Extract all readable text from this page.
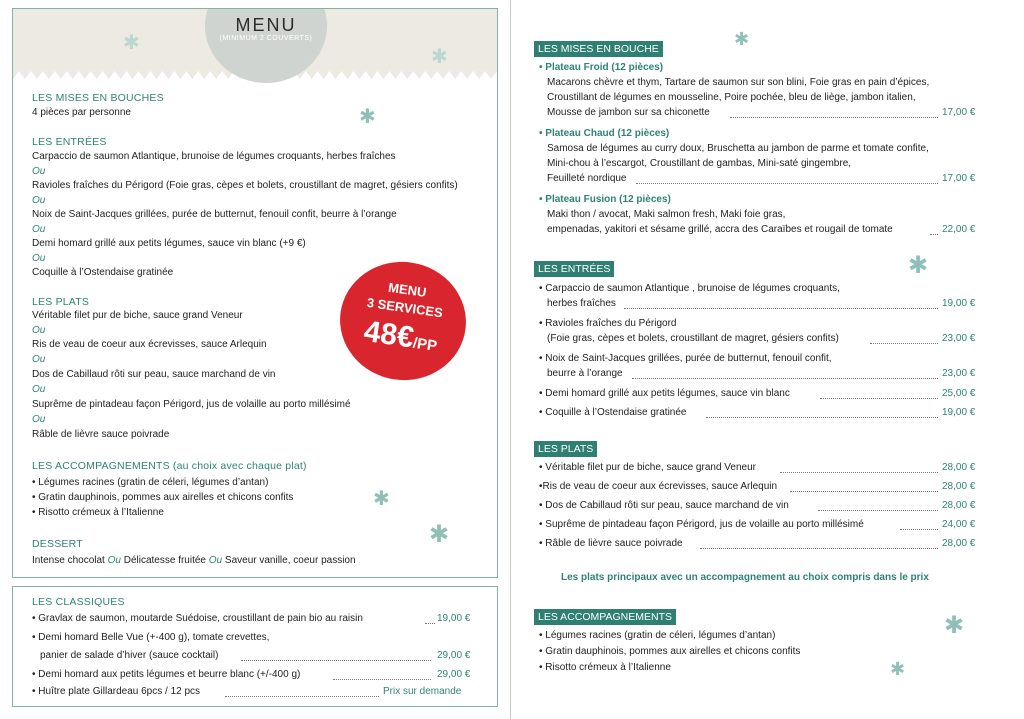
MENU
(MINIMUM 2 COUVERTS)
✱
✱
✱
✱
✱
LES MISES EN BOUCHES
4 pièces par personne
LES ENTRÉES
Carpaccio de saumon Atlantique, brunoise de légumes croquants, herbes fraîches
Ou
Ravioles fraîches du Périgord (Foie gras, cèpes et bolets, croustillant de magret, gésiers confits)
Ou
Noix de Saint-Jacques grillées, purée de butternut, fenouil confit, beurre à l’orange
Ou
Demi homard grillé aux petits légumes, sauce vin blanc (+9 €)
Ou
Coquille à l’Ostendaise gratinée
LES PLATS
Véritable filet pur de biche, sauce grand Veneur
Ou
Ris de veau de coeur aux écrevisses, sauce Arlequin
Ou
Dos de Cabillaud rôti sur peau, sauce marchand de vin
Ou
Suprême de pintadeau façon Périgord, jus de volaille au porto millésimé
Ou
Râble de lièvre sauce poivrade
LES ACCOMPAGNEMENTS (au choix avec chaque plat)
• Légumes racines (gratin de céleri, légumes d’antan)
• Gratin dauphinois, pommes aux airelles et chicons confits
• Risotto crémeux à l’Italienne
DESSERT
Intense chocolat Ou Délicatesse fruitée Ou Saveur vanille, coeur passion
MENU
3 SERVICES
48€/PP
LES CLASSIQUES
• Gravlax de saumon, moutarde Suédoise, croustillant de pain bio au raisin	19,00 €
• Demi homard Belle Vue (+-400 g), tomate crevettes,
panier de salade d’hiver (sauce cocktail)	29,00 €
• Demi homard aux petits légumes et beurre blanc (+/-400 g)	29,00 €
• Huître plate Gillardeau 6pcs / 12 pcs	Prix sur demande
✱
✱
✱
✱
LES MISES EN BOUCHE
• Plateau Froid (12 pièces)
Macarons chèvre et thym, Tartare de saumon sur son blini, Foie gras en pain d’épices,
Croustillant de légumes en mousseline, Poire pochée, bleu de liège, jambon italien,
Mousse de jambon sur sa chiconette	17,00 €
• Plateau Chaud (12 pièces)
Samosa de légumes au curry doux, Bruschetta au jambon de parme et tomate confite,
Mini-chou à l’escargot, Croustillant de gambas, Mini-saté gingembre,
Feuilleté nordique	17,00 €
• Plateau Fusion (12 pièces)
Maki thon / avocat, Maki salmon fresh, Maki foie gras,
empenadas, yakitori et sésame grillé, accra des Caraïbes et rougail de tomate	22,00 €
LES ENTRÉES
• Carpaccio de saumon Atlantique , brunoise de légumes croquants,
herbes fraîches	19,00 €
• Ravioles fraîches du Périgord
(Foie gras, cèpes et bolets, croustillant de magret, gésiers confits)	23,00 €
• Noix de Saint-Jacques grillées, purée de butternut, fenouil confit,
beurre à l’orange	23,00 €
• Demi homard grillé aux petits légumes, sauce vin blanc	25,00 €
• Coquille à l’Ostendaise gratinée	19,00 €
LES PLATS
• Véritable filet pur de biche, sauce grand Veneur	28,00 €
•Ris de veau de coeur aux écrevisses, sauce Arlequin	28,00 €
• Dos de Cabillaud rôti sur peau, sauce marchand de vin	28,00 €
• Suprême de pintadeau façon Périgord, jus de volaille au porto millésimé	24,00 €
• Râble de lièvre sauce poivrade	28,00 €
Les plats principaux avec un accompagnement au choix compris dans le prix
LES ACCOMPAGNEMENTS
• Légumes racines (gratin de céleri, légumes d’antan)
• Gratin dauphinois, pommes aux airelles et chicons confits
• Risotto crémeux à l’Italienne
